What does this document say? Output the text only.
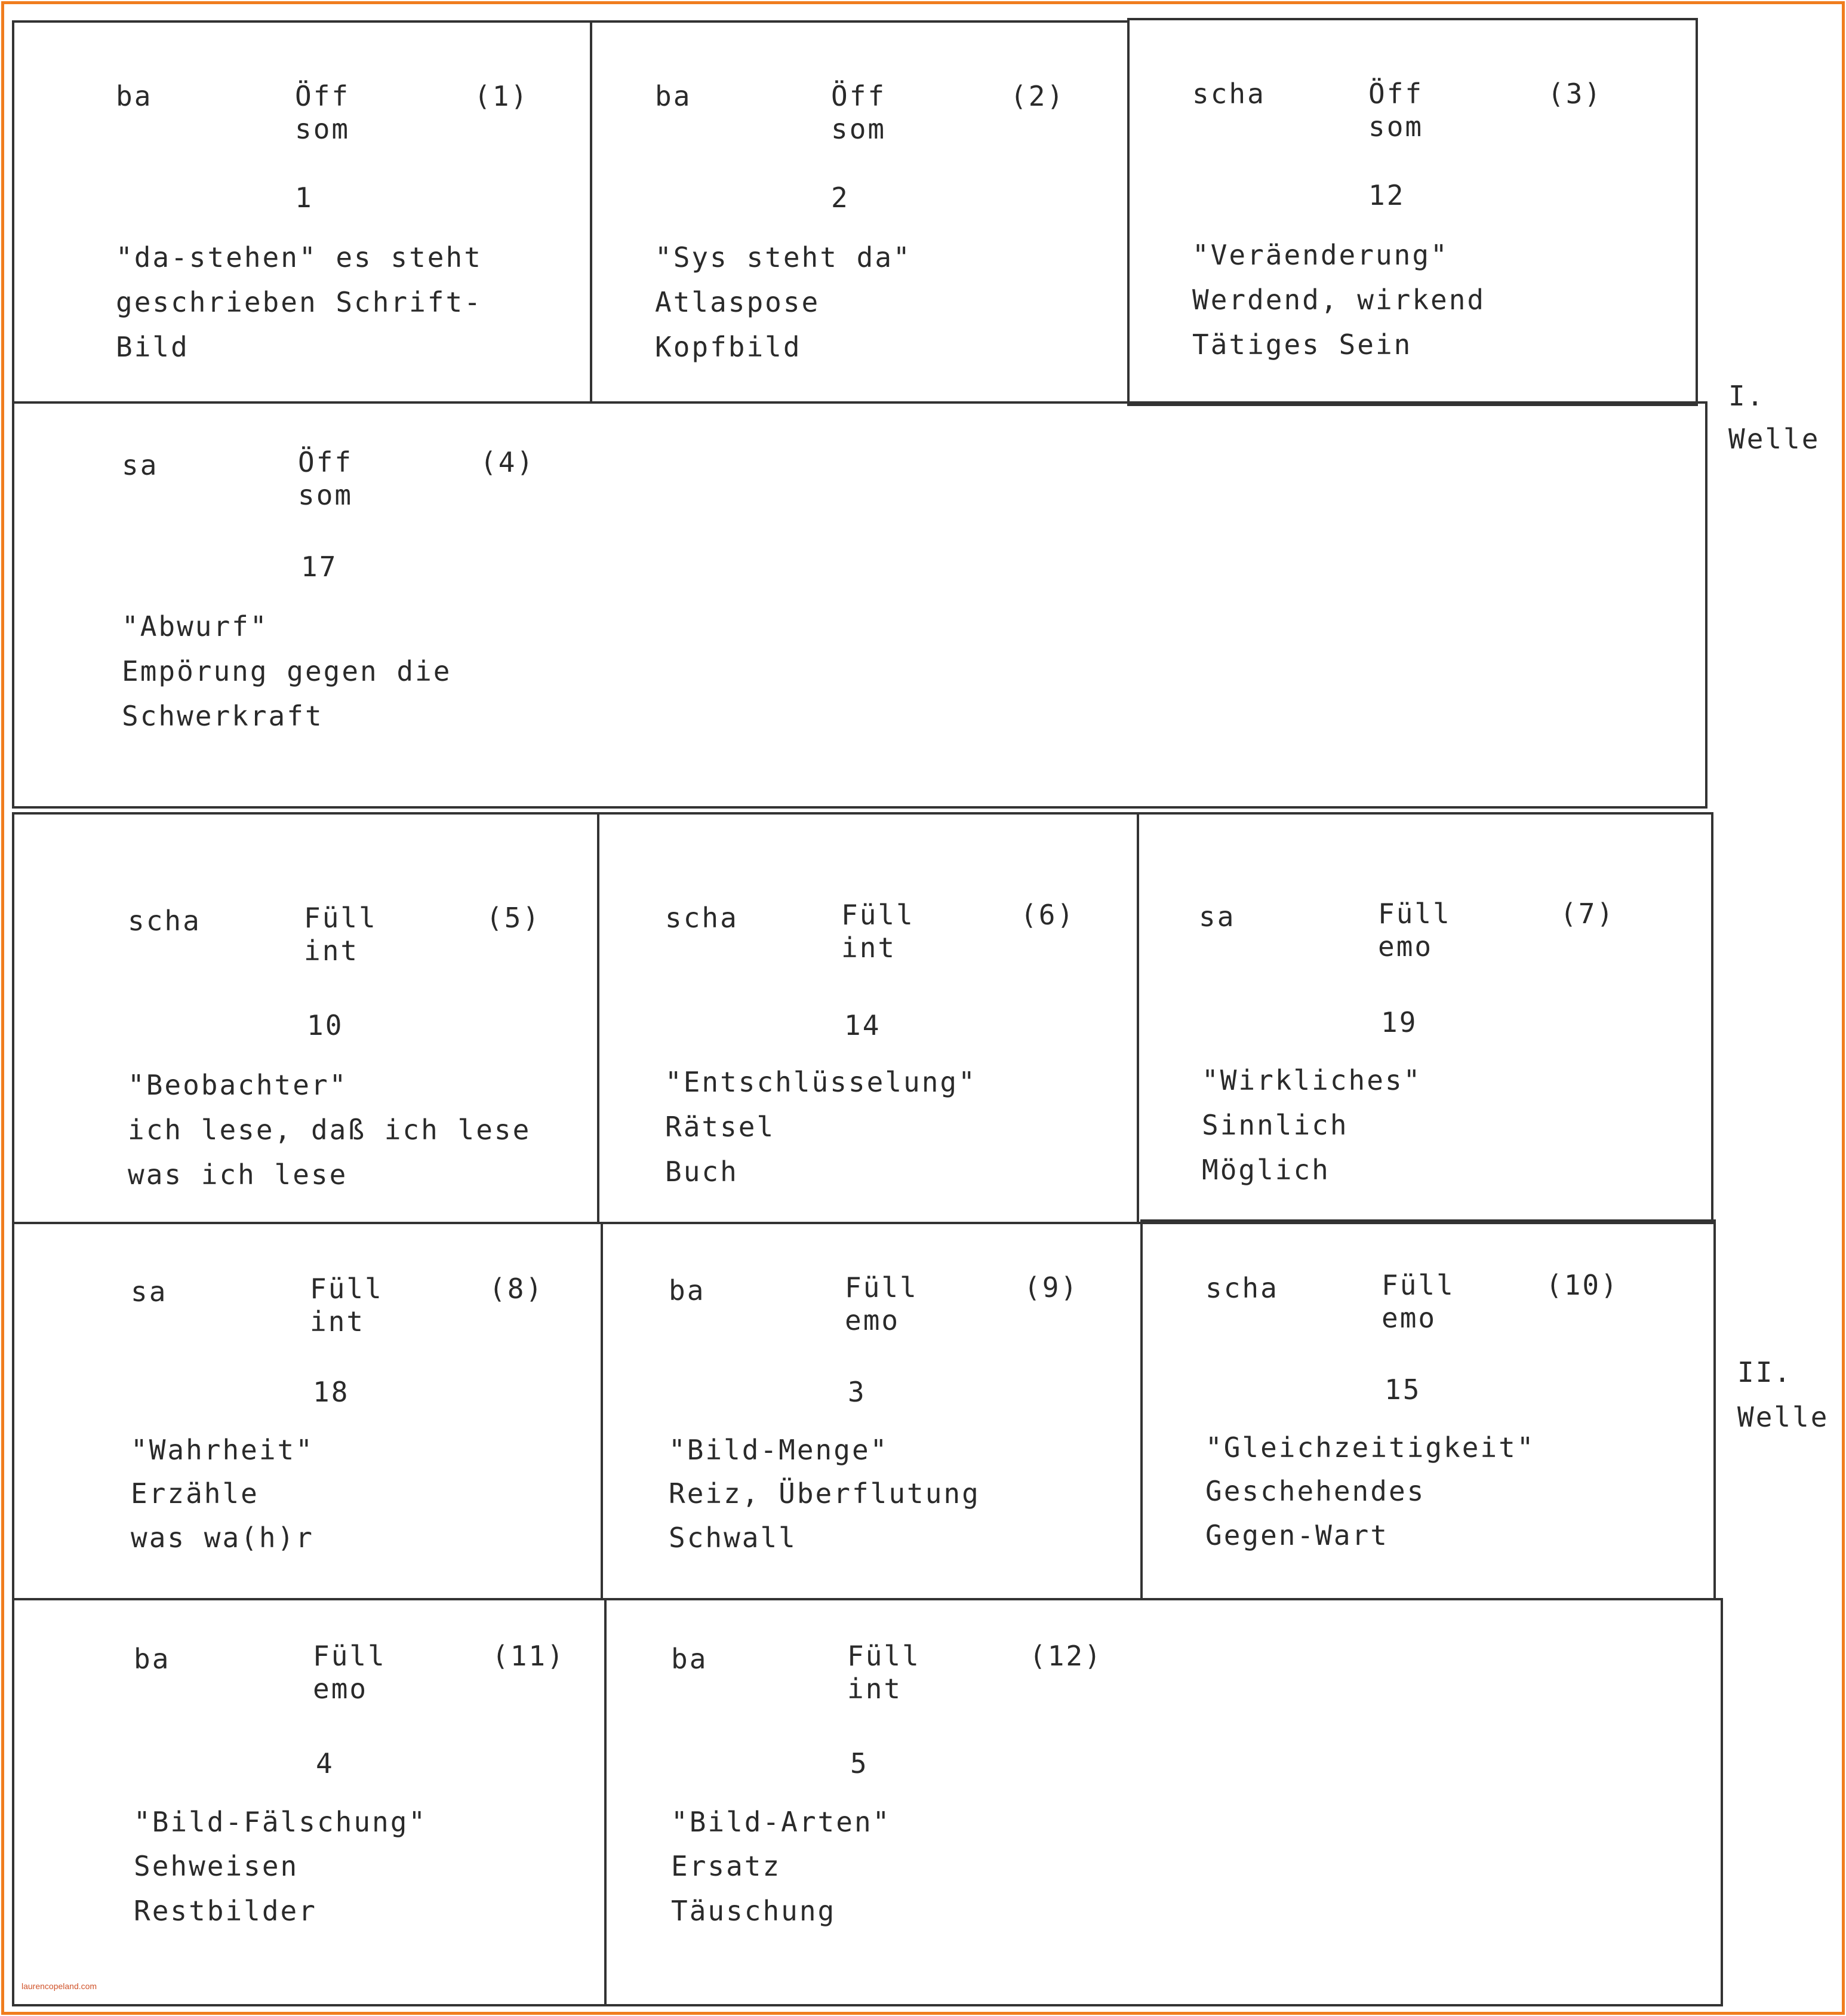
ba	Öff
som
(1)
1
"da-stehen" es steht
geschrieben Schrift-
Bild
ba	Öff
som
(2)
2
"Sys steht da"
Atlaspose
Kopfbild
scha	Öff
som
(3)
12
"Veräenderung"
Werdend, wirkend
Tätiges Sein
sa	Öff
som
(4)
17
"Abwurf"
Empörung gegen die
Schwerkraft
scha	Füll
int
(5)
10
"Beobachter"
ich lese, daß ich lese
was ich lese
scha	Füll
int
(6)
14
"Entschlüsselung"
Rätsel
Buch
sa	Füll
emo
(7)
19
"Wirkliches"
Sinnlich
Möglich
sa	Füll
int
(8)
18
"Wahrheit"
Erzähle
was wa(h)r
ba	Füll
emo
(9)
3
"Bild-Menge"
Reiz, Überflutung
Schwall
scha	Füll
emo
(10)
15
"Gleichzeitigkeit"
Geschehendes
Gegen-Wart
ba	Füll
emo
(11)
4
"Bild-Fälschung"
Sehweisen
Restbilder
ba	Füll
int
(12)
5
"Bild-Arten"
Ersatz
Täuschung
I.
Welle
II.
Welle
laurencopeland.com
